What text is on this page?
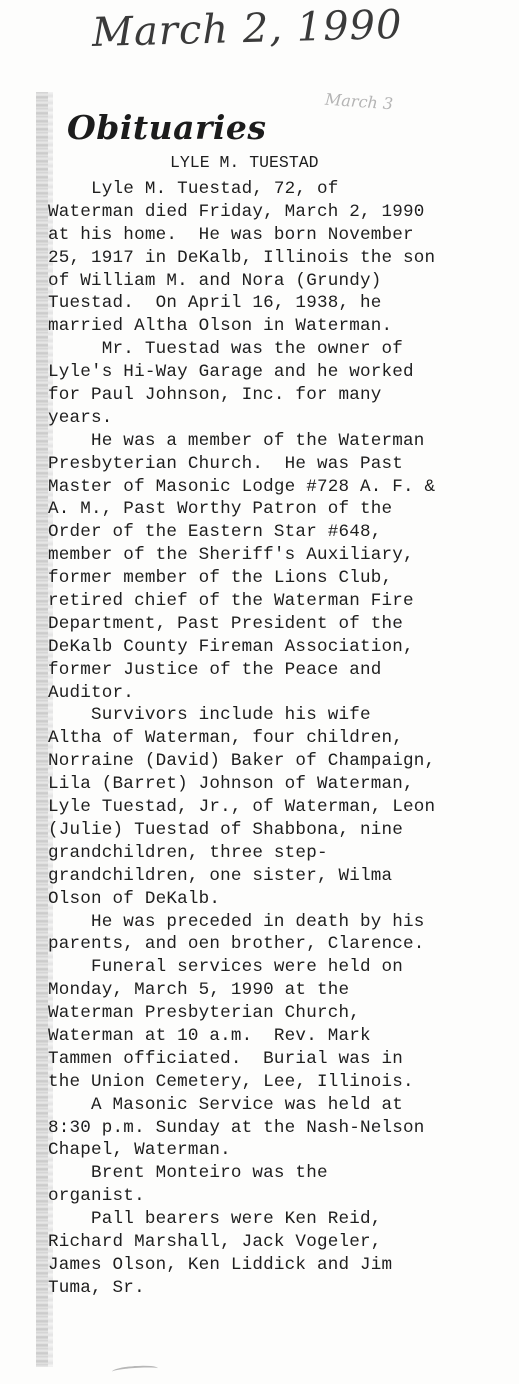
March 2, 1990
March 3
Obituaries
LYLE M. TUESTAD
Lyle M. Tuestad, 72, of
Waterman died Friday, March 2, 1990
at his home.  He was born November
25, 1917 in DeKalb, Illinois the son
of William M. and Nora (Grundy)
Tuestad.  On April 16, 1938, he
married Altha Olson in Waterman.
Mr. Tuestad was the owner of
Lyle's Hi-Way Garage and he worked
for Paul Johnson, Inc. for many
years.
He was a member of the Waterman
Presbyterian Church.  He was Past
Master of Masonic Lodge #728 A. F. &
A. M., Past Worthy Patron of the
Order of the Eastern Star #648,
member of the Sheriff's Auxiliary,
former member of the Lions Club,
retired chief of the Waterman Fire
Department, Past President of the
DeKalb County Fireman Association,
former Justice of the Peace and
Auditor.
Survivors include his wife
Altha of Waterman, four children,
Norraine (David) Baker of Champaign,
Lila (Barret) Johnson of Waterman,
Lyle Tuestad, Jr., of Waterman, Leon
(Julie) Tuestad of Shabbona, nine
grandchildren, three step-
grandchildren, one sister, Wilma
Olson of DeKalb.
He was preceded in death by his
parents, and oen brother, Clarence.
Funeral services were held on
Monday, March 5, 1990 at the
Waterman Presbyterian Church,
Waterman at 10 a.m.  Rev. Mark
Tammen officiated.  Burial was in
the Union Cemetery, Lee, Illinois.
A Masonic Service was held at
8:30 p.m. Sunday at the Nash-Nelson
Chapel, Waterman.
Brent Monteiro was the
organist.
Pall bearers were Ken Reid,
Richard Marshall, Jack Vogeler,
James Olson, Ken Liddick and Jim
Tuma, Sr.
